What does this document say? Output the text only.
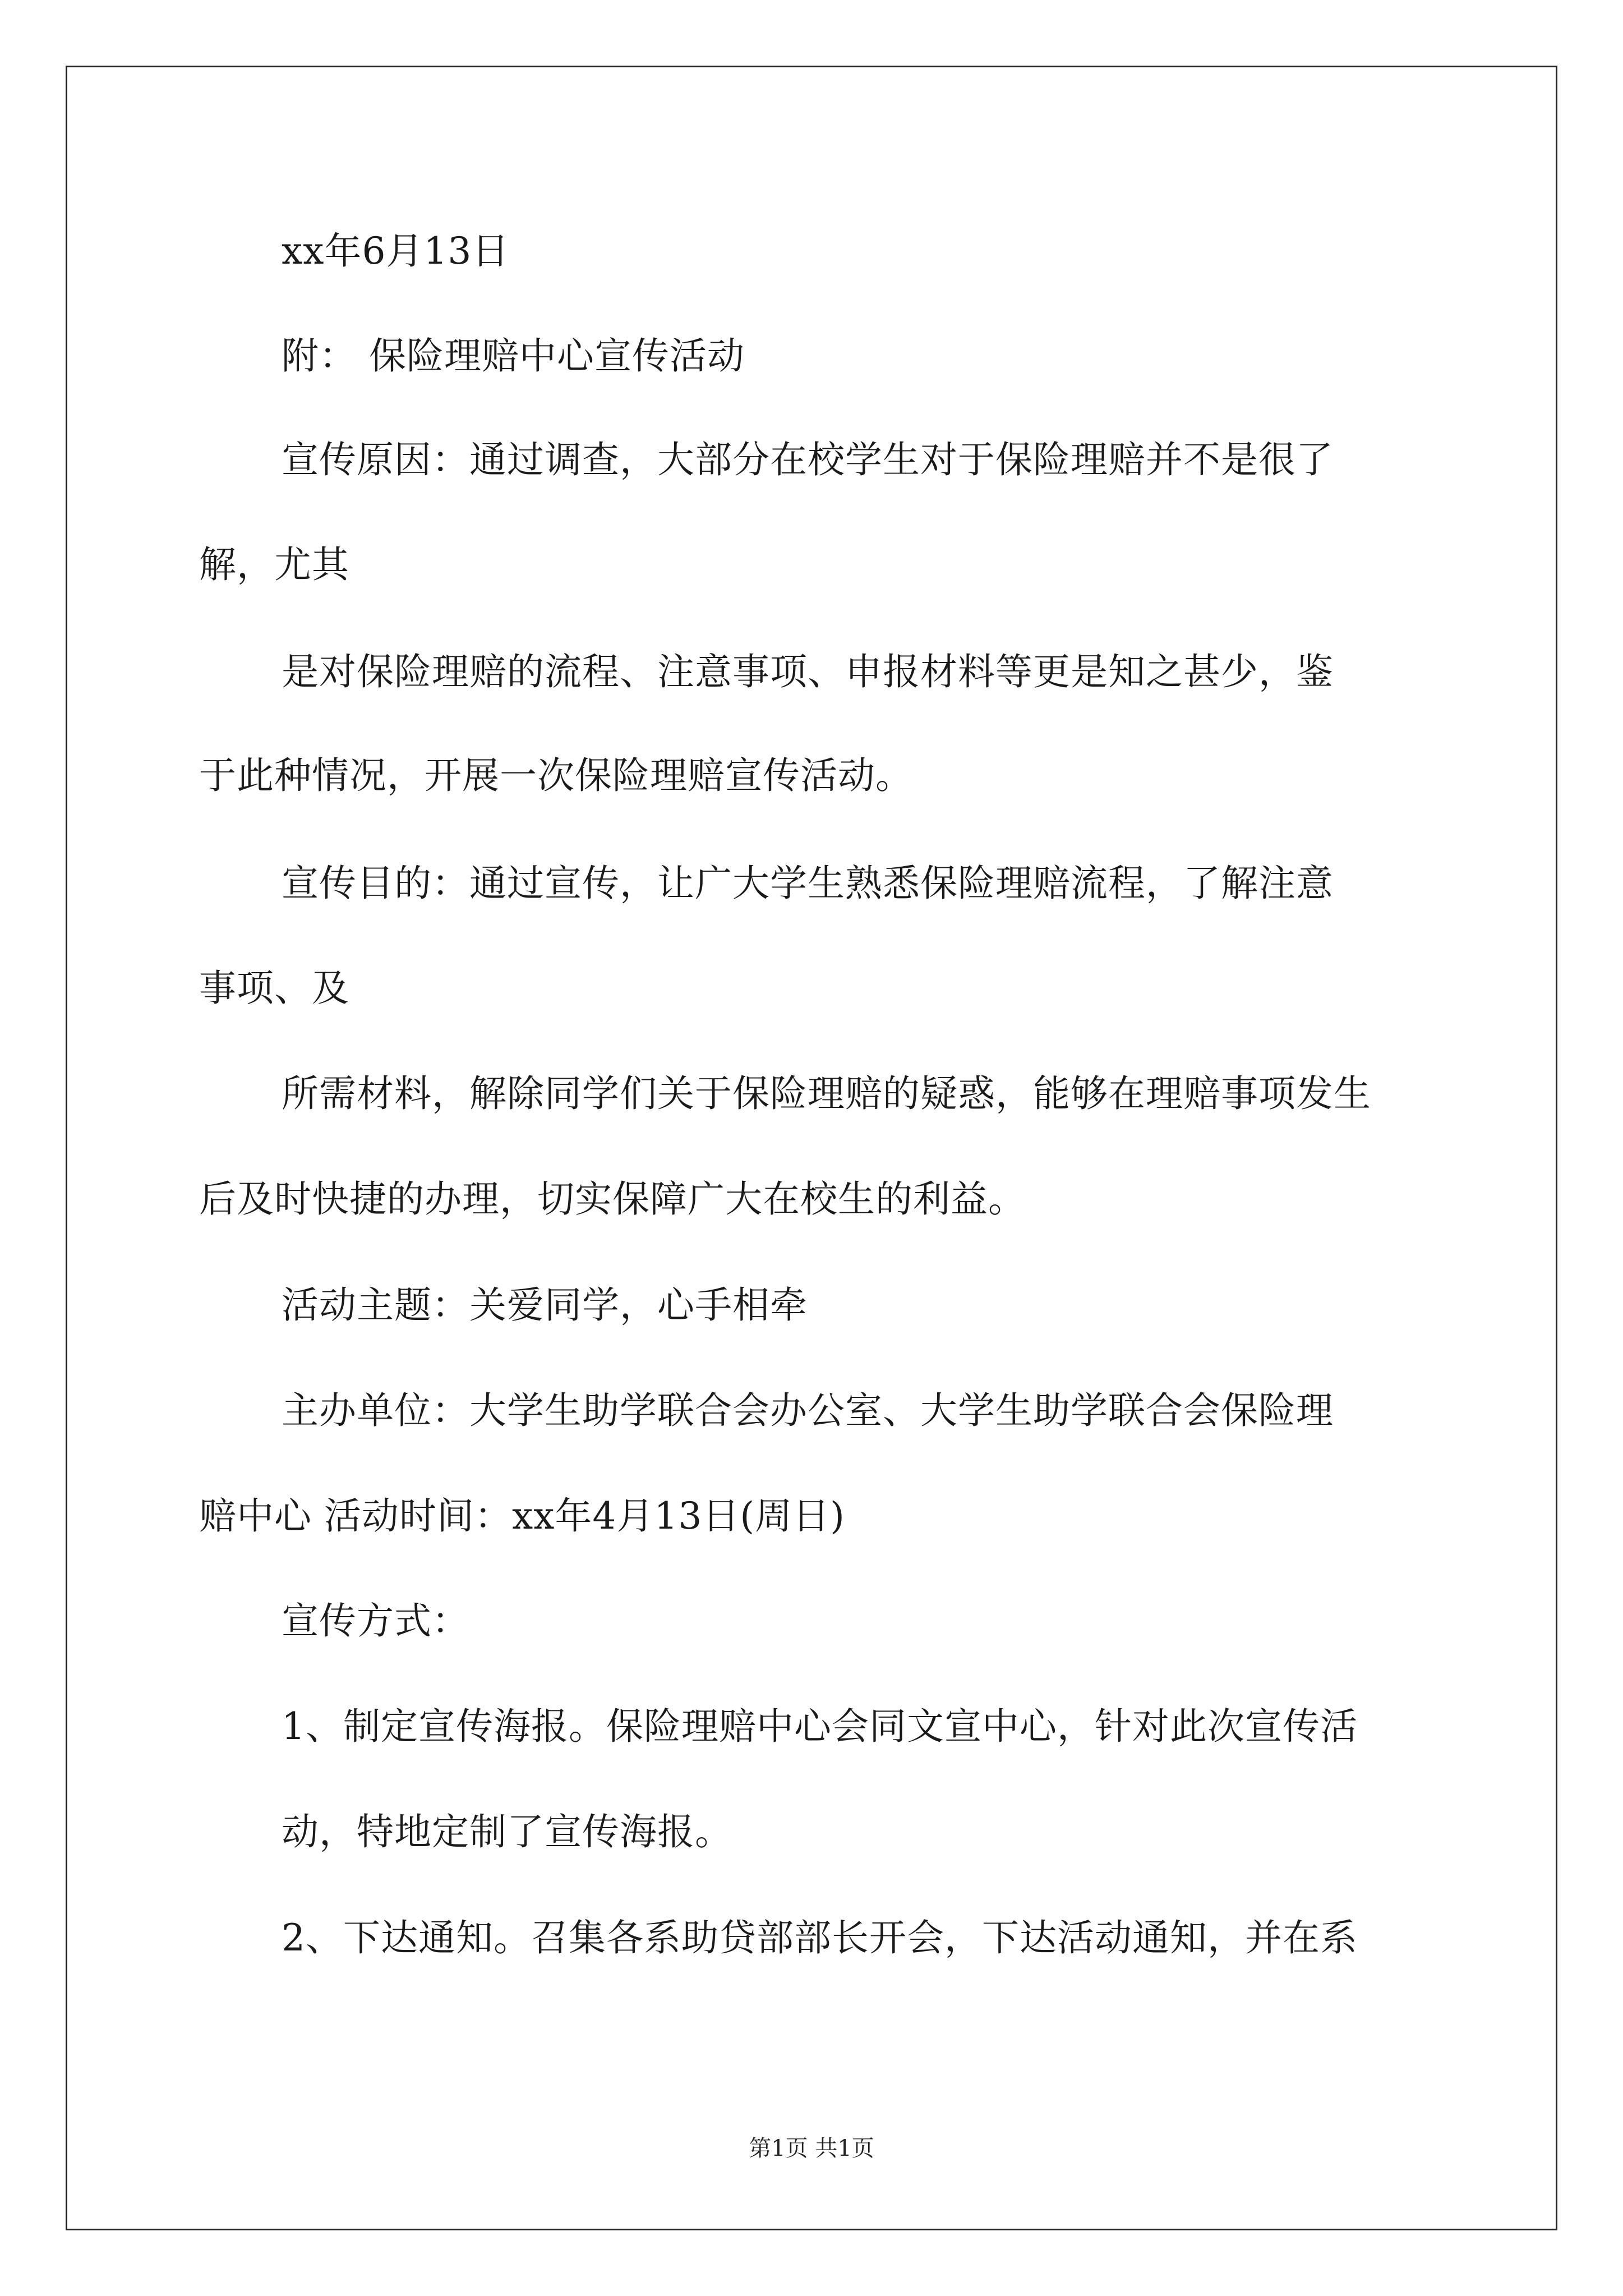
xx年6月13日
附： 保险理赔中心宣传活动
宣传原因：通过调查，大部分在校学生对于保险理赔并不是很了
解，尤其
是对保险理赔的流程、注意事项、申报材料等更是知之甚少，鉴
于此种情况，开展一次保险理赔宣传活动。
宣传目的：通过宣传，让广大学生熟悉保险理赔流程，了解注意
事项、及
所需材料，解除同学们关于保险理赔的疑惑，能够在理赔事项发生
后及时快捷的办理，切实保障广大在校生的利益。
活动主题：关爱同学，心手相牵
主办单位：大学生助学联合会办公室、大学生助学联合会保险理
赔中心 活动时间：xx年4月13日(周日)
宣传方式：
1、制定宣传海报。保险理赔中心会同文宣中心，针对此次宣传活
动，特地定制了宣传海报。
2、下达通知。召集各系助贷部部长开会，下达活动通知，并在系
第1页 共1页
